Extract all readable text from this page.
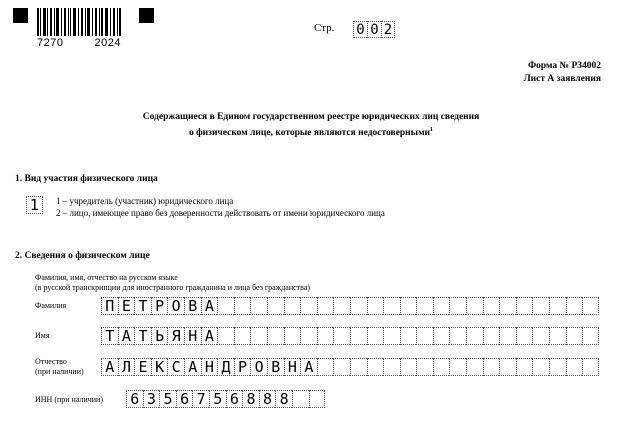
7270	2024
Стр. 0 0 2
Форма № Р34002
Лист А заявления
Содержащиеся в Едином государственном реестре юридических лиц сведения
о физическом лице, которые являются недостоверными$^1$
1. Вид участия физического лица
1	1 – учредитель (участник) юридического лица
2 – лицо, имеющее право без доверенности действовать от имени юридического лица
2. Сведения о физическом лице
Фамилия, имя, отчество на русском языке
(в русской транскрипции для иностранного гражданина и лица без гражданства)
Фамилия	П Е Т Р О В А
Имя	Т А Т Ь Я Н А
Отчество
(при наличии) А Л Е К С А Н Д Р О В Н А
ИНН (при наличии) 6 3 5 6 7 5 6 8 8 8
